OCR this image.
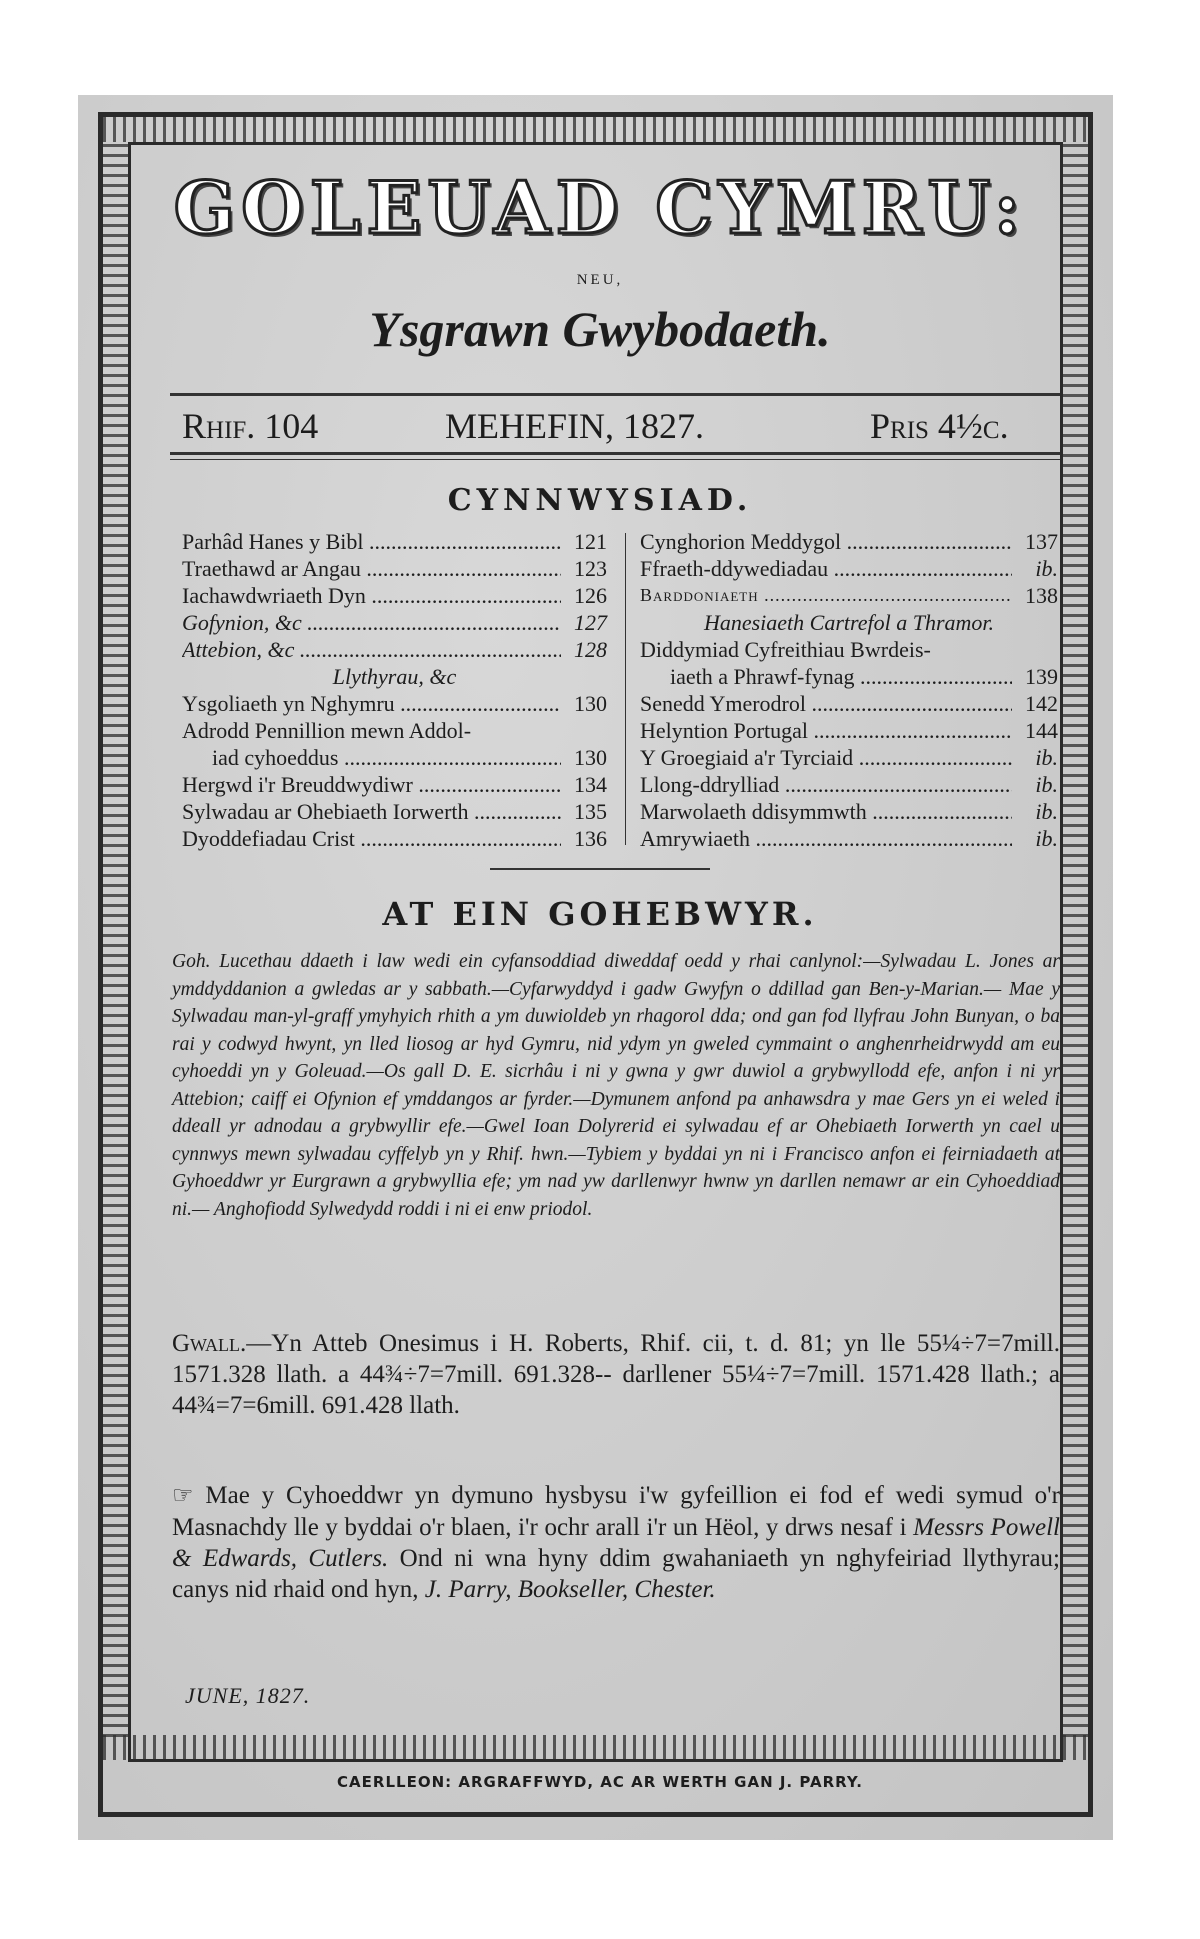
GOLEUAD CYMRU:
NEU,
Ysgrawn Gwybodaeth.
Rhif. 104	MEHEFIN, 1827.	Pris 4½c.
CYNNWYSIAD.
Parhâd Hanes y Bibl .....	121
Traethawd ar Angau .....	123
Iachawdwriaeth Dyn .....	126
Gofynion, &c .....	127
Attebion, &c .....	128
Llythyrau, &c
Ysgoliaeth yn Nghymru .....	130
Adrodd Pennillion mewn Addol-
iad cyhoeddus .....	130
Hergwd i'r Breuddwydiwr .....	134
Sylwadau ar Ohebiaeth Iorwerth .....	135
Dyoddefiadau Crist .....	136
Cynghorion Meddygol .....	137
Ffraeth-ddywediadau .....	ib.
Barddoniaeth .....	138
Hanesiaeth Cartrefol a Thramor.
Diddymiad Cyfreithiau Bwrdeis-
iaeth a Phrawf-fynag .....	139
Senedd Ymerodrol .....	142
Helyntion Portugal .....	144
Y Groegiaid a'r Tyrciaid .....	ib.
Llong-ddrylliad .....	ib.
Marwolaeth ddisymmwth .....	ib.
Amrywiaeth .....	ib.
AT EIN GOHEBWYR.
Goh. Lucethau ddaeth i law wedi ein cyfansoddiad diweddaf oedd y rhai canlynol:—Sylwadau L. Jones ar ymddyddanion a gwledas ar y sabbath.—Cyfarwyddyd i gadw Gwyfyn o ddillad gan Ben-y-Marian.— Mae y Sylwadau man-yl-graff ymyhyich rhith a ym duwioldeb yn rhagorol dda; ond gan fod llyfrau John Bunyan, o ba rai y codwyd hwynt, yn lled liosog ar hyd Gymru, nid ydym yn gweled cymmaint o anghenrheidrwydd am eu cyhoeddi yn y Goleuad.—Os gall D. E. sicrhâu i ni y gwna y gwr duwiol a grybwyllodd efe, anfon i ni yr Attebion; caiff ei Ofynion ef ymddangos ar fyrder.—Dymunem anfond pa anhawsdra y mae Gers yn ei weled i ddeall yr adnodau a grybwyllir efe.—Gwel Ioan Dolyrerid ei sylwadau ef ar Ohebiaeth Iorwerth yn cael u cynnwys mewn sylwadau cyffelyb yn y Rhif. hwn.—Tybiem y byddai yn ni i Francisco anfon ei feirniadaeth at Gyhoeddwr yr Eurgrawn a grybwyllia efe; ym nad yw darllenwyr hwnw yn darllen nemawr ar ein Cyhoeddiad ni.— Anghofiodd Sylwedydd roddi i ni ei enw priodol.
Gwall.—Yn Atteb Onesimus i H. Roberts, Rhif. cii, t. d. 81; yn lle 55¼÷7=7mill. 1571.328 llath. a 44¾÷7=7mill. 691.328-- darllener 55¼÷7=7mill. 1571.428 llath.; a 44¾=7=6mill. 691.428 llath.
☞ Mae y Cyhoeddwr yn dymuno hysbysu i'w gyfeillion ei fod ef wedi symud o'r Masnachdy lle y byddai o'r blaen, i'r ochr arall i'r un Hëol, y drws nesaf i Messrs Powell & Edwards, Cutlers. Ond ni wna hyny ddim gwahaniaeth yn nghyfeiriad llythyrau; canys nid rhaid ond hyn, J. Parry, Bookseller, Chester.
JUNE, 1827.
CAERLLEON: ARGRAFFWYD, AC AR WERTH GAN J. PARRY.
